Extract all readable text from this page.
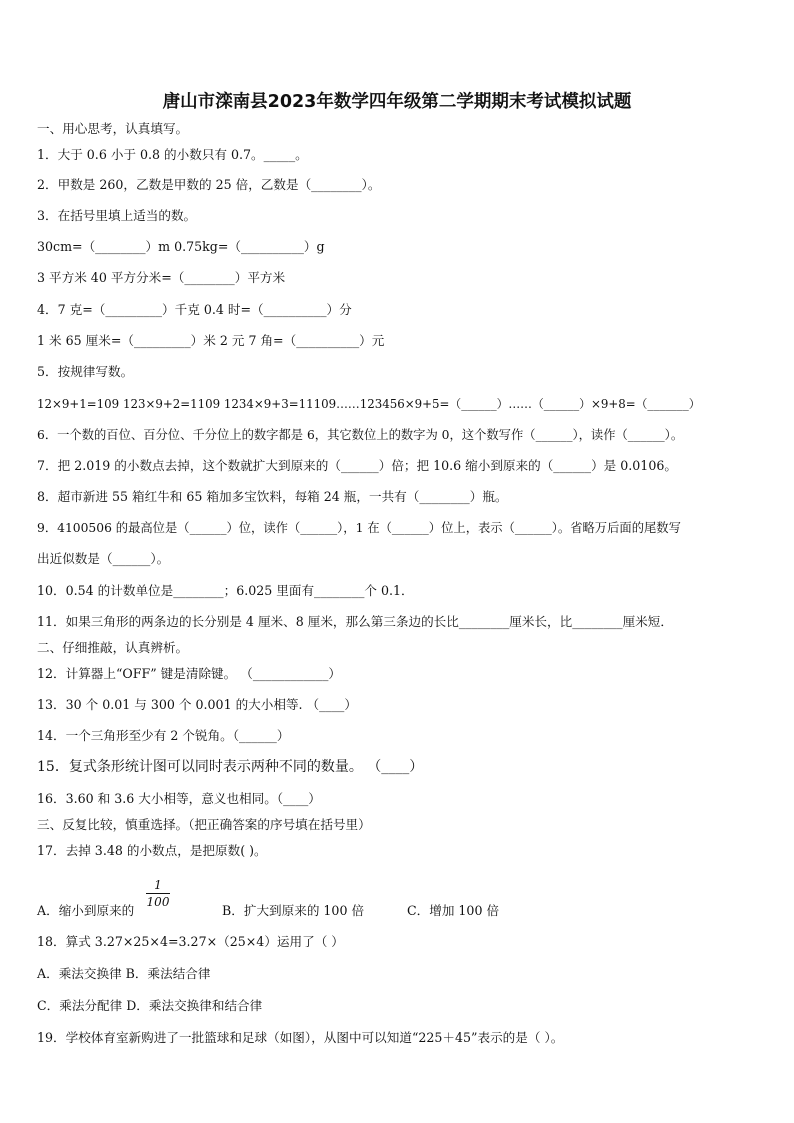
唐山市滦南县2023年数学四年级第二学期期末考试模拟试题
一、用心思考，认真填写。
1．大于 0.6 小于 0.8 的小数只有 0.7。_____。
2．甲数是 260，乙数是甲数的 25 倍，乙数是（________）。
3．在括号里填上适当的数。
30cm=（________）m 0.75kg=（__________）g
3 平方米 40 平方分米=（________）平方米
4．7 克=（_________）千克 0.4 时=（__________）分
1 米 65 厘米=（_________）米 2 元 7 角=（__________）元
5．按规律写数。
12×9+1=109 123×9+2=1109 1234×9+3=11109……123456×9+5=（______）……（______）×9+8=（_______）
6．一个数的百位、百分位、千分位上的数字都是 6，其它数位上的数字为 0，这个数写作（______），读作（______）。
7．把 2.019 的小数点去掉，这个数就扩大到原来的（______）倍；把 10.6 缩小到原来的（______）是 0.0106。
8．超市新进 55 箱红牛和 65 箱加多宝饮料，每箱 24 瓶，一共有（________）瓶。
9．4100506 的最高位是（______）位，读作（______），1 在（______）位上，表示（______）。省略万后面的尾数写
出近似数是（______）。
10．0.54 的计数单位是________；6.025 里面有________个 0.1．
11．如果三角形的两条边的长分别是 4 厘米、8 厘米，那么第三条边的长比________厘米长，比________厘米短．
二、仔细推敲，认真辨析。
12．计算器上“OFF” 键是清除键。 （____________）
13．30 个 0.01 与 300 个 0.001 的大小相等. （____）
14．一个三角形至少有 2 个锐角。（______）
15．复式条形统计图可以同时表示两种不同的数量。 （____）
16．3.60 和 3.6 大小相等，意义也相同。（____）
三、反复比较，慎重选择。（把正确答案的序号填在括号里）
17．去掉 3.48 的小数点，是把原数( )。
A．缩小到原来的
$\frac{1}{100}$
B．扩大到原来的 100 倍	C．增加 100 倍
18．算式 3.27×25×4=3.27×（25×4）运用了（ ）
A．乘法交换律 B．乘法结合律
C．乘法分配律 D．乘法交换律和结合律
19．学校体育室新购进了一批篮球和足球（如图），从图中可以知道“225＋45”表示的是（ ）。
